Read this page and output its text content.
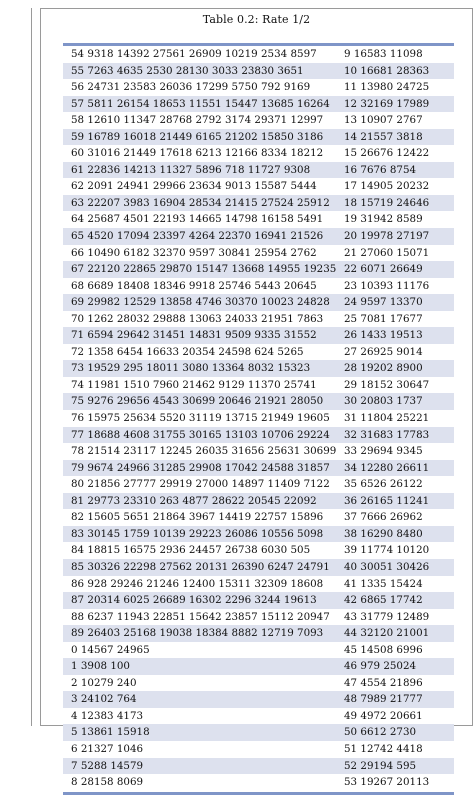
Table 0.2: Rate 1/2
54 9318 14392 27561 26909 10219 2534 8597
55 7263 4635 2530 28130 3033 23830 3651
56 24731 23583 26036 17299 5750 792 9169
57 5811 26154 18653 11551 15447 13685 16264
58 12610 11347 28768 2792 3174 29371 12997
59 16789 16018 21449 6165 21202 15850 3186
60 31016 21449 17618 6213 12166 8334 18212
61 22836 14213 11327 5896 718 11727 9308
62 2091 24941 29966 23634 9013 15587 5444
63 22207 3983 16904 28534 21415 27524 25912
64 25687 4501 22193 14665 14798 16158 5491
65 4520 17094 23397 4264 22370 16941 21526
66 10490 6182 32370 9597 30841 25954 2762
67 22120 22865 29870 15147 13668 14955 19235
68 6689 18408 18346 9918 25746 5443 20645
69 29982 12529 13858 4746 30370 10023 24828
70 1262 28032 29888 13063 24033 21951 7863
71 6594 29642 31451 14831 9509 9335 31552
72 1358 6454 16633 20354 24598 624 5265
73 19529 295 18011 3080 13364 8032 15323
74 11981 1510 7960 21462 9129 11370 25741
75 9276 29656 4543 30699 20646 21921 28050
76 15975 25634 5520 31119 13715 21949 19605
77 18688 4608 31755 30165 13103 10706 29224
78 21514 23117 12245 26035 31656 25631 30699
79 9674 24966 31285 29908 17042 24588 31857
80 21856 27777 29919 27000 14897 11409 7122
81 29773 23310 263 4877 28622 20545 22092
82 15605 5651 21864 3967 14419 22757 15896
83 30145 1759 10139 29223 26086 10556 5098
84 18815 16575 2936 24457 26738 6030 505
85 30326 22298 27562 20131 26390 6247 24791
86 928 29246 21246 12400 15311 32309 18608
87 20314 6025 26689 16302 2296 3244 19613
88 6237 11943 22851 15642 23857 15112 20947
89 26403 25168 19038 18384 8882 12719 7093
0 14567 24965
1 3908 100
2 10279 240
3 24102 764
4 12383 4173
5 13861 15918
6 21327 1046
7 5288 14579
8 28158 8069
9 16583 11098
10 16681 28363
11 13980 24725
12 32169 17989
13 10907 2767
14 21557 3818
15 26676 12422
16 7676 8754
17 14905 20232
18 15719 24646
19 31942 8589
20 19978 27197
21 27060 15071
22 6071 26649
23 10393 11176
24 9597 13370
25 7081 17677
26 1433 19513
27 26925 9014
28 19202 8900
29 18152 30647
30 20803 1737
31 11804 25221
32 31683 17783
33 29694 9345
34 12280 26611
35 6526 26122
36 26165 11241
37 7666 26962
38 16290 8480
39 11774 10120
40 30051 30426
41 1335 15424
42 6865 17742
43 31779 12489
44 32120 21001
45 14508 6996
46 979 25024
47 4554 21896
48 7989 21777
49 4972 20661
50 6612 2730
51 12742 4418
52 29194 595
53 19267 20113
